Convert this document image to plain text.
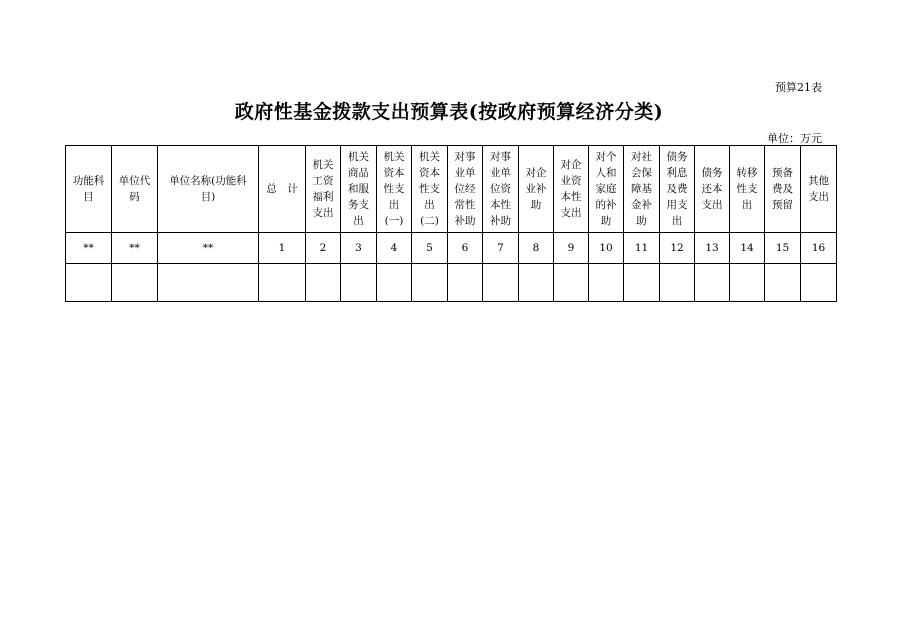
预算21表
政府性基金拨款支出预算表(按政府预算经济分类)
单位：万元
功能科
目	单位代
码	单位名称(功能科
目)	总　计	机关
工资
福利
支出	机关
商品
和服
务支
出	机关
资本
性支
出
(一)	机关
资本
性支
出
(二)	对事
业单
位经
常性
补助	对事
业单
位资
本性
补助	对企
业补
助	对企
业资
本性
支出	对个
人和
家庭
的补
助	对社
会保
障基
金补
助	债务
利息
及费
用支
出	债务
还本
支出	转移
性支
出	预备
费及
预留	其他
支出
**	**	**	1	2	3	4	5	6	7	8	9	10	11	12	13	14	15	16
